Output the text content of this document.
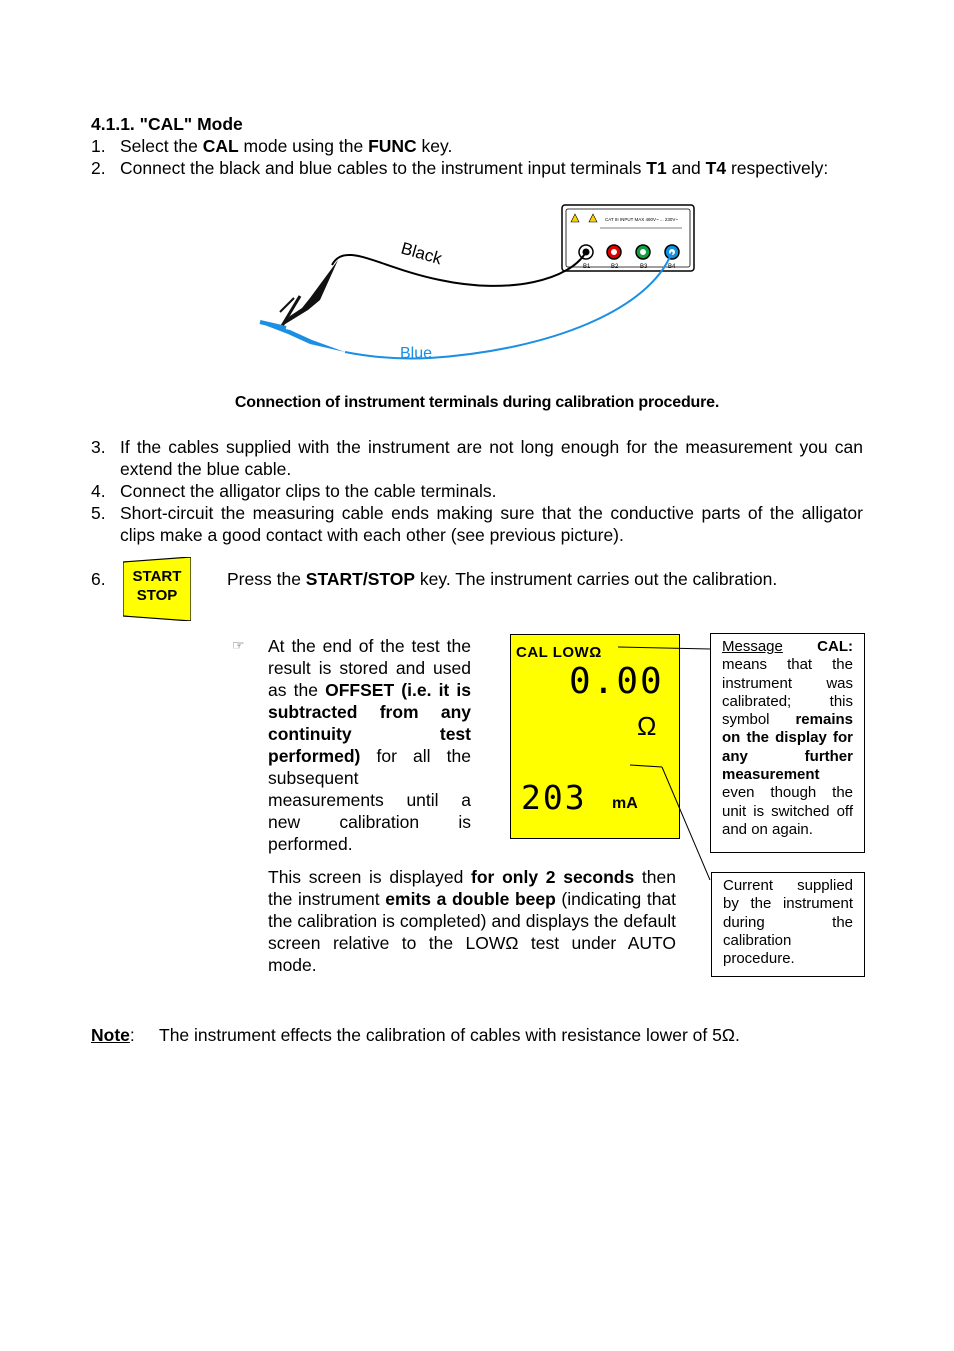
4.1.1. "CAL" Mode
1. Select the CAL mode using the FUNC key.
2. Connect the black and blue cables to the instrument input terminals T1 and T4 respectively:
CAT III INPUT MAX 480V~ ... 230V~
B1	B2	B3	B4
Black
Blue
Connection of instrument terminals during calibration procedure.
3. If the cables supplied with the instrument are not long enough for the measurement you can extend the blue cable.
4. Connect the alligator clips to the cable terminals.
5. Short-circuit the measuring cable ends making sure that the conductive parts of the alligator clips make a good contact with each other (see previous picture).
6.	START
STOP
Press the START/STOP key. The instrument carries out the calibration.
☞ At the end of the test the result is stored and used as the OFFSET (i.e. it is subtracted from any continuity test performed) for all the subsequent measurements until a new calibration is performed.
This screen is displayed for only 2 seconds then the instrument emits a double beep (indicating that the calibration is completed) and displays the default screen relative to the LOWΩ test under AUTO mode.
CAL LOWΩ
0.00
Ω
203 mA
Message CAL: means that the instrument was calibrated; this symbol remains on the display for any further measurement even though the unit is switched off and on again.
Current supplied by the instrument during the calibration procedure.
Note: The instrument effects the calibration of cables with resistance lower of 5Ω.
